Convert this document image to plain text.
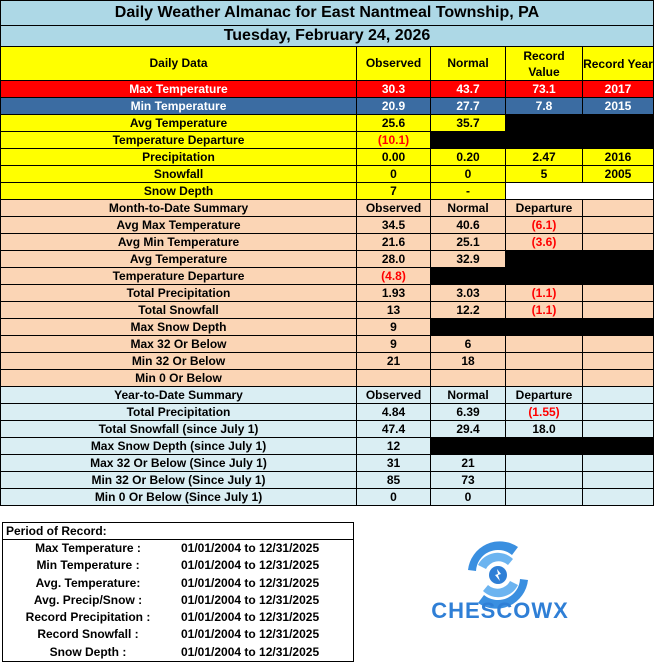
Daily Weather Almanac for East Nantmeal Township, PA				
Tuesday, February 24, 2026				
Daily Data	Observed	Normal	Record Value	Record Year
Max Temperature	30.3	43.7	73.1	2017
Min Temperature	20.9	27.7	7.8	2015
Avg Temperature	25.6	35.7		
Temperature Departure	(10.1)			
Precipitation	0.00	0.20	2.47	2016
Snowfall	0	0	5	2005
Snow Depth	7	-		
Month-to-Date Summary	Observed	Normal	Departure	
Avg Max Temperature	34.5	40.6	(6.1)	
Avg Min Temperature	21.6	25.1	(3.6)	
Avg Temperature	28.0	32.9		
Temperature Departure	(4.8)			
Total Precipitation	1.93	3.03	(1.1)	
Total Snowfall	13	12.2	(1.1)	
Max Snow Depth	9			
Max 32 Or Below	9	6		
Min 32 Or Below	21	18		
Min 0 Or Below				
Year-to-Date Summary	Observed	Normal	Departure	
Total Precipitation	4.84	6.39	(1.55)	
Total Snowfall (since July 1)	47.4	29.4	18.0	
Max Snow Depth (since July 1)	12			
Max 32 Or Below (Since July 1)	31	21		
Min 32 Or Below (Since July 1)	85	73		
Min 0 Or Below (Since July 1)	0	0		
Period of Record:
Max Temperature :	01/01/2004 to 12/31/2025
Min Temperature :	01/01/2004 to 12/31/2025
Avg. Temperature:	01/01/2004 to 12/31/2025
Avg. Precip/Snow :	01/01/2004 to 12/31/2025
Record Precipitation :	01/01/2004 to 12/31/2025
Record Snowfall :	01/01/2004 to 12/31/2025
Snow Depth :	01/01/2004 to 12/31/2025
CHESCOWX
